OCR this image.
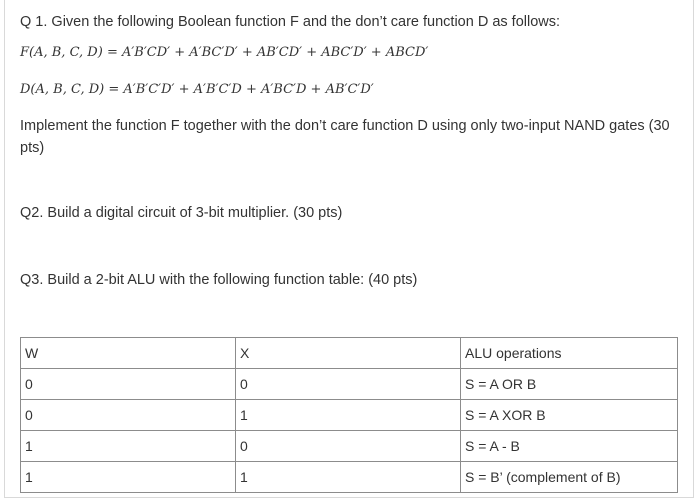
Q 1. Given the following Boolean function F and the don’t care function D as follows:
F(A, B, C, D) = A′B′CD′ + A′BC′D′ + AB′CD′ + ABC′D′ + ABCD′
D(A, B, C, D) = A′B′C′D′ + A′B′C′D + A′BC′D + AB′C′D′
Implement the function F together with the don’t care function D using only two-input NAND gates (30 pts)
Q2. Build a digital circuit of 3-bit multiplier. (30 pts)
Q3. Build a 2-bit ALU with the following function table: (40 pts)
W	X	ALU operations
0	0	S = A OR B
0	1	S = A XOR B
1	0	S = A - B
1	1	S = B’ (complement of B)
